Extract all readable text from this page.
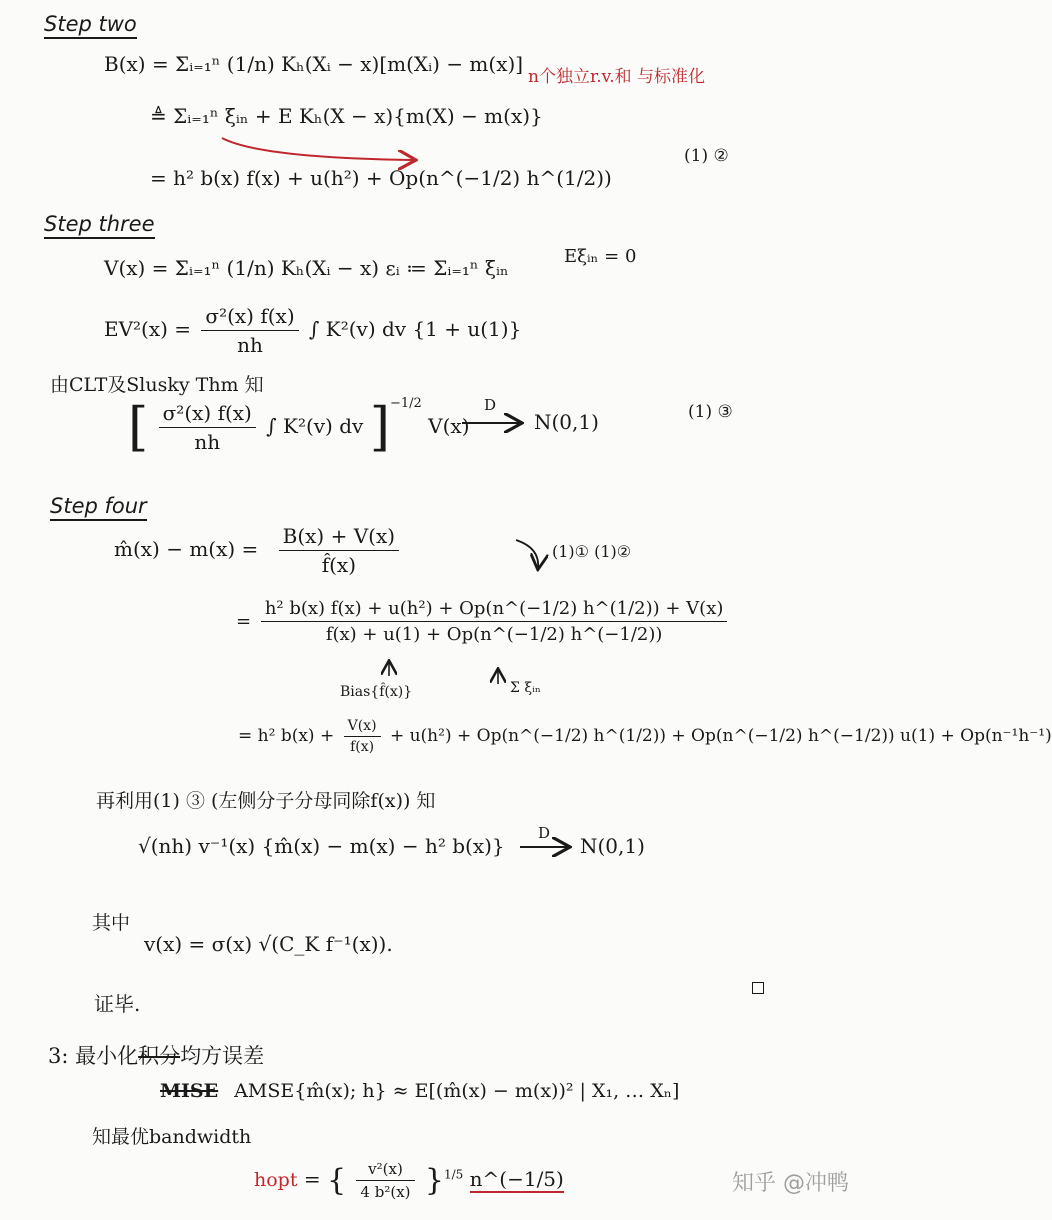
Step two
B(x) = Σᵢ₌₁ⁿ (1/n) Kₕ(Xᵢ − x)[m(Xᵢ) − m(x)]
n个独立r.v.和 与标准化
≜ Σᵢ₌₁ⁿ ξᵢₙ + E Kₕ(X − x){m(X) − m(x)}
(1) ②
= h² b(x) f(x) + u(h²) + Op(n^(−1/2) h^(1/2))
Step three
V(x) = Σᵢ₌₁ⁿ (1/n) Kₕ(Xᵢ − x) εᵢ ≔ Σᵢ₌₁ⁿ ξᵢₙ	Eξᵢₙ = 0
$EV^2(x) = \frac{\text{σ²(x) f(x)}}{nh}$ ∫ K²(v) dv {1 + u(1)}
由CLT及Slusky Thm 知
[ $\frac{\text{σ²(x) f(x)}}{nh}$ ∫ K²(v) dv ]$^{-1/2}$ V(x)
D
N(0,1)	(1) ③
Step four
m̂(x) − $m(x) = \frac{B(x) + V(x)}{f̂(x)}$	(1)① (1)②
= $\frac{\text{h² b(x) f(x) + u(h²) + Op(n\textasciicircum{}(−1/2) h\textasciicircum{}(1/2)) + V(x)}}{f(x) + u(1) + Op(n\^{}(-1/2) h\^{}(-1/2))}$
Bias{f̂(x)}	Σ ξᵢₙ
= h² $b(x) + \frac{V(x)}{f(x)} + u(h^2)$ + Op(n^(−1/2) h^(1/2)) + Op(n^(−1/2) h^(−1/2)) u(1) + Op(n⁻¹h⁻¹)
再利用(1) ③ (左侧分子分母同除f(x)) 知
√(nh) v⁻¹(x) {m̂(x) − m(x) − h² b(x)}
D
N(0,1)
其中
v(x) = σ(x) √(C_K f⁻¹(x)).
证毕.
3: 最小化积分均方误差
MISE AMSE{m̂(x); h} ≈ E[(m̂(x) − m(x))² | X₁, … Xₙ]
知最优bandwidth
hopt = { $\frac{\text{v²(x)}}{\text{4 b²(x)}} \}^{1/5}$ n^(−1/5)	知乎 @冲鸭
